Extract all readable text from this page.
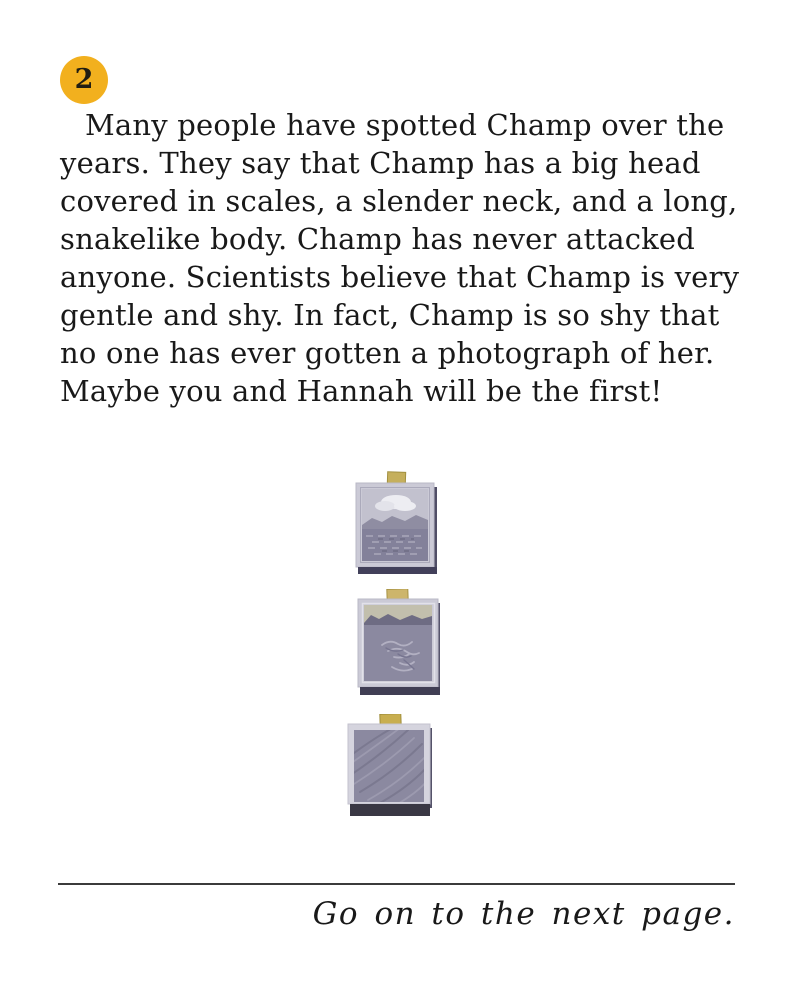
2
Many people have spotted Champ over the
years. They say that Champ has a big head
covered in scales, a slender neck, and a long,
snakelike body. Champ has never attacked
anyone. Scientists believe that Champ is very
gentle and shy. In fact, Champ is so shy that
no one has ever gotten a photograph of her.
Maybe you and Hannah will be the first!
Go on to the next page.
